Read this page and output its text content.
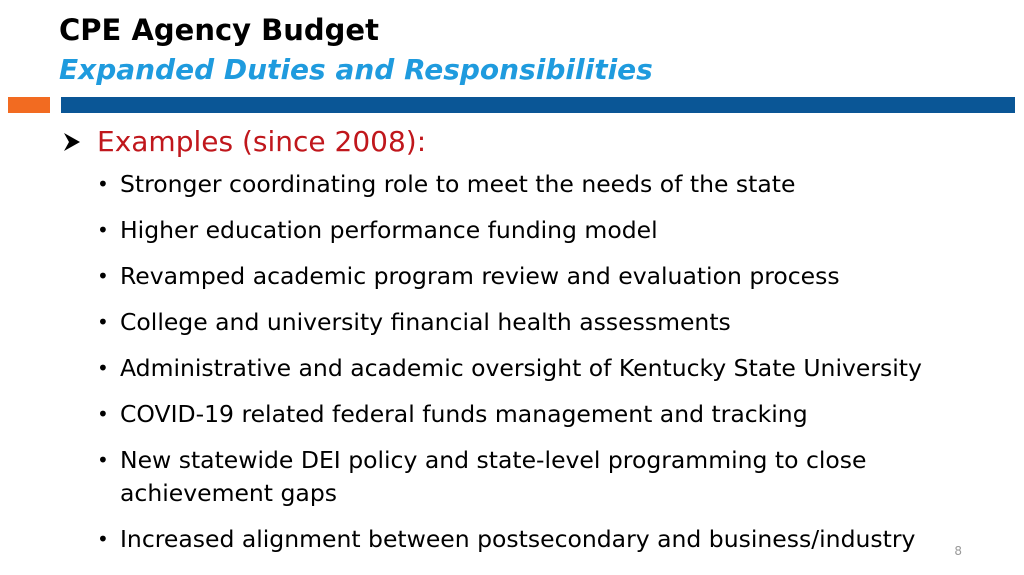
CPE Agency Budget
Expanded Duties and Responsibilities
Examples (since 2008):
• Stronger coordinating role to meet the needs of the state
• Higher education performance funding model
• Revamped academic program review and evaluation process
• College and university financial health assessments
• Administrative and academic oversight of Kentucky State University
• COVID-19 related federal funds management and tracking
• New statewide DEI policy and state-level programming to close achievement gaps
• Increased alignment between postsecondary and business/industry	8
